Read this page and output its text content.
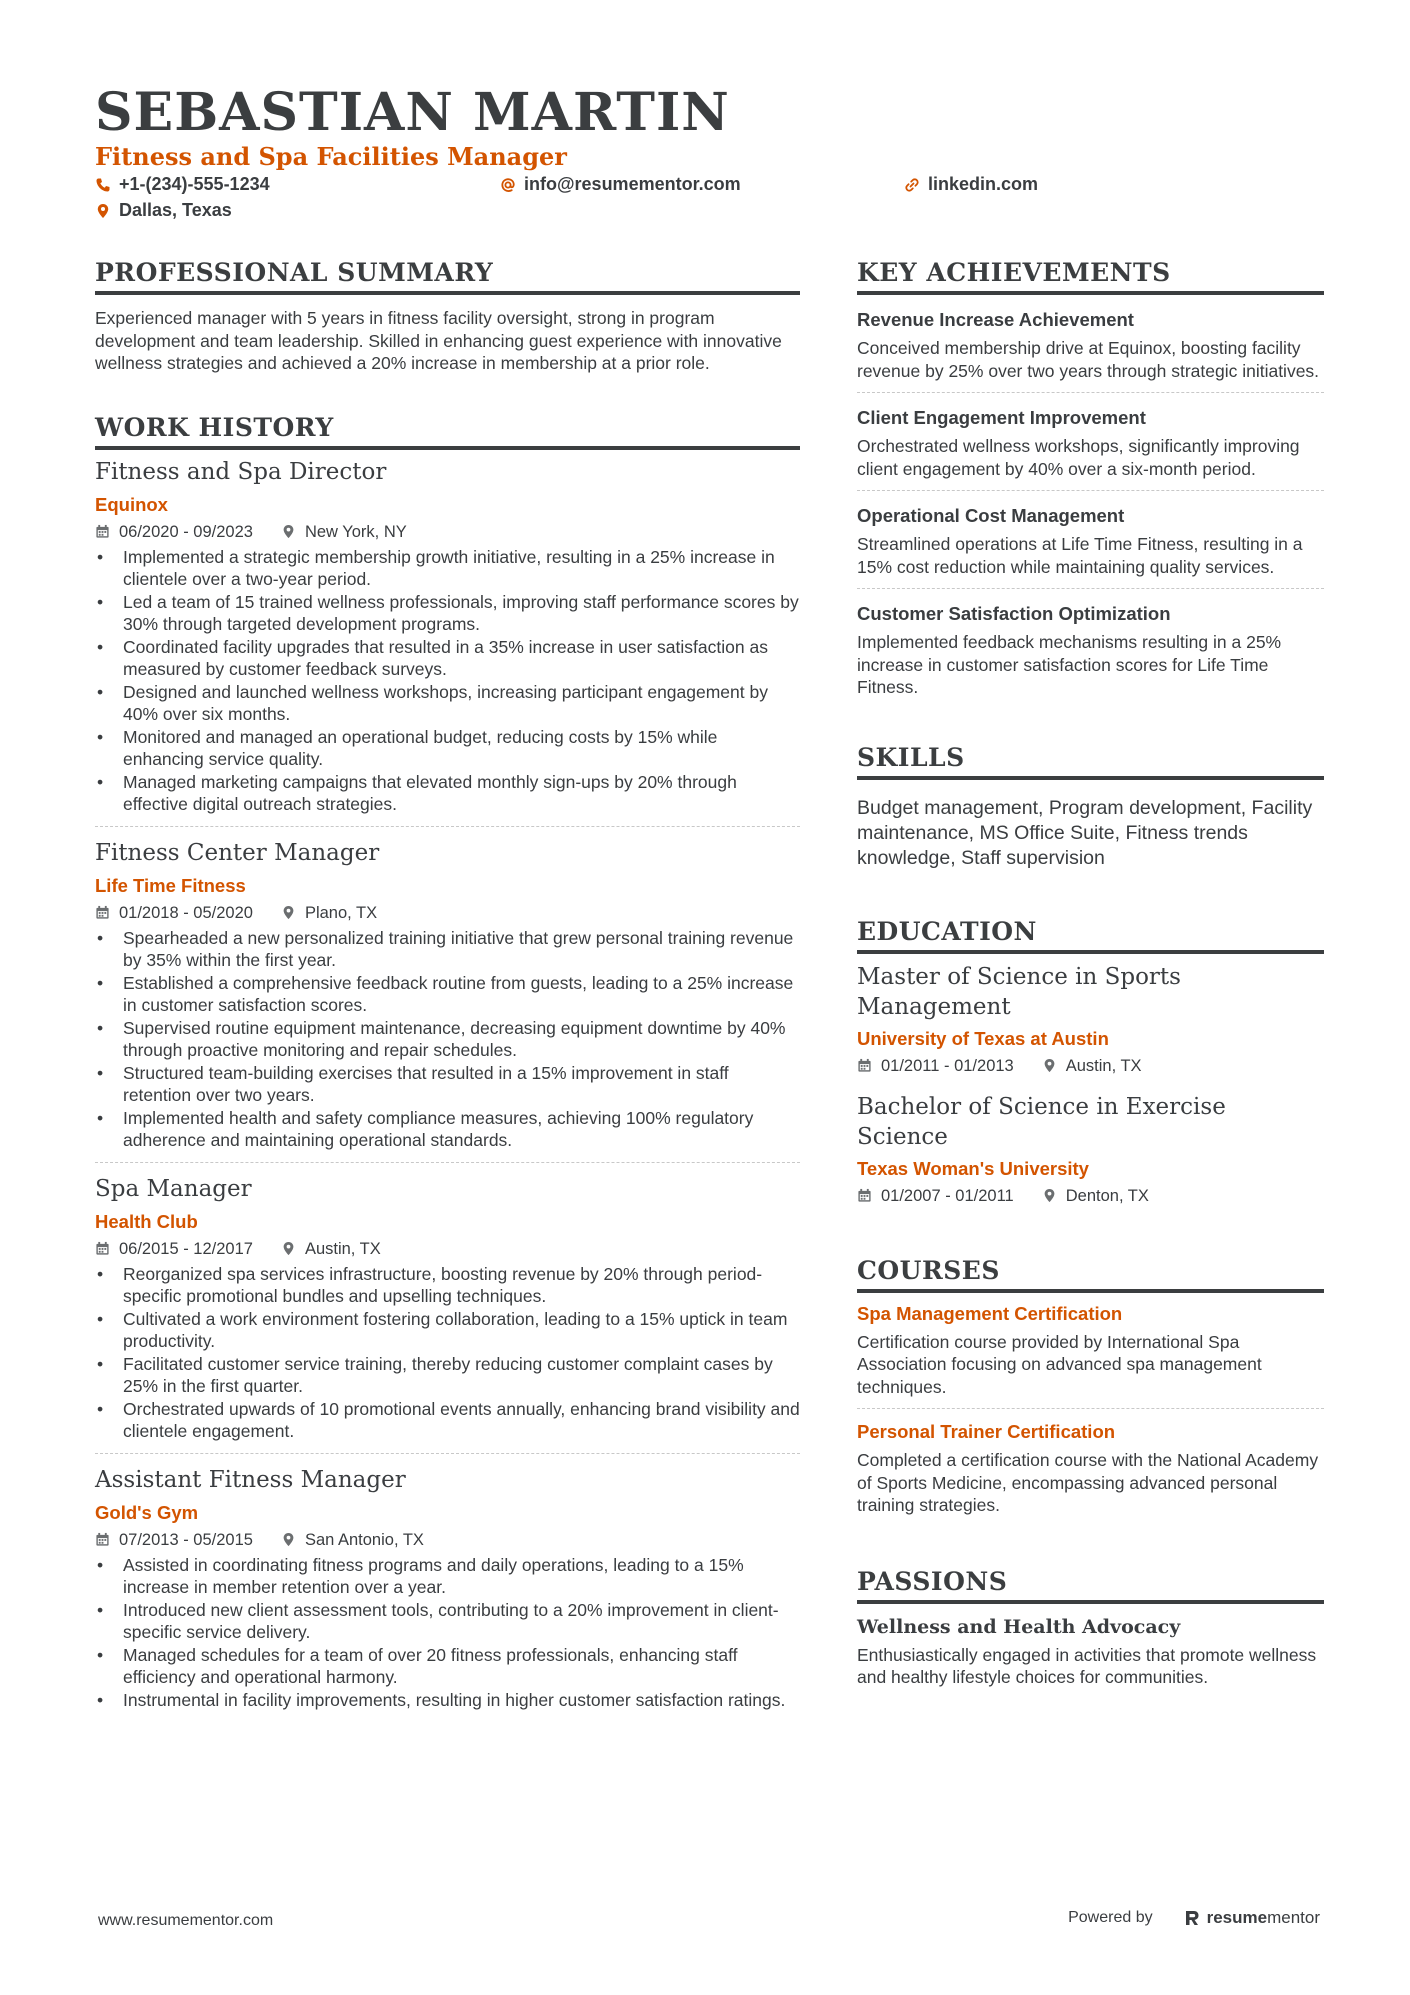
SEBASTIAN MARTIN
Fitness and Spa Facilities Manager
+1-(234)-555-1234	info@resumementor.com	linkedin.com
Dallas, Texas
PROFESSIONAL SUMMARY

Experienced manager with 5 years in fitness facility oversight, strong in program development and team leadership. Skilled in enhancing guest experience with innovative wellness strategies and achieved a 20% increase in membership at a prior role.

WORK HISTORY
Fitness and Spa Director
Equinox
06/2020 - 09/2023	New York, NY
• Implemented a strategic membership growth initiative, resulting in a 25% increase in clientele over a two-year period.
• Led a team of 15 trained wellness professionals, improving staff performance scores by 30% through targeted development programs.
• Coordinated facility upgrades that resulted in a 35% increase in user satisfaction as measured by customer feedback surveys.
• Designed and launched wellness workshops, increasing participant engagement by 40% over six months.
• Monitored and managed an operational budget, reducing costs by 15% while enhancing service quality.
• Managed marketing campaigns that elevated monthly sign-ups by 20% through effective digital outreach strategies.
Fitness Center Manager
Life Time Fitness
01/2018 - 05/2020	Plano, TX
• Spearheaded a new personalized training initiative that grew personal training revenue by 35% within the first year.
• Established a comprehensive feedback routine from guests, leading to a 25% increase in customer satisfaction scores.
• Supervised routine equipment maintenance, decreasing equipment downtime by 40% through proactive monitoring and repair schedules.
• Structured team-building exercises that resulted in a 15% improvement in staff retention over two years.
• Implemented health and safety compliance measures, achieving 100% regulatory adherence and maintaining operational standards.
Spa Manager
Health Club
06/2015 - 12/2017	Austin, TX
• Reorganized spa services infrastructure, boosting revenue by 20% through period-specific promotional bundles and upselling techniques.
• Cultivated a work environment fostering collaboration, leading to a 15% uptick in team productivity.
• Facilitated customer service training, thereby reducing customer complaint cases by 25% in the first quarter.
• Orchestrated upwards of 10 promotional events annually, enhancing brand visibility and clientele engagement.
Assistant Fitness Manager
Gold's Gym
07/2013 - 05/2015	San Antonio, TX
• Assisted in coordinating fitness programs and daily operations, leading to a 15% increase in member retention over a year.
• Introduced new client assessment tools, contributing to a 20% improvement in client-specific service delivery.
• Managed schedules for a team of over 20 fitness professionals, enhancing staff efficiency and operational harmony.
• Instrumental in facility improvements, resulting in higher customer satisfaction ratings.
KEY ACHIEVEMENTS
Revenue Increase Achievement

Conceived membership drive at Equinox, boosting facility revenue by 25% over two years through strategic initiatives.

Client Engagement Improvement

Orchestrated wellness workshops, significantly improving client engagement by 40% over a six-month period.

Operational Cost Management

Streamlined operations at Life Time Fitness, resulting in a 15% cost reduction while maintaining quality services.

Customer Satisfaction Optimization

Implemented feedback mechanisms resulting in a 25% increase in customer satisfaction scores for Life Time Fitness.

SKILLS

Budget management, Program development, Facility maintenance, MS Office Suite, Fitness trends knowledge, Staff supervision

EDUCATION
Master of Science in Sports Management
University of Texas at Austin
01/2011 - 01/2013	Austin, TX
Bachelor of Science in Exercise Science
Texas Woman's University
01/2007 - 01/2011	Denton, TX
COURSES
Spa Management Certification

Certification course provided by International Spa Association focusing on advanced spa management techniques.

Personal Trainer Certification

Completed a certification course with the National Academy of Sports Medicine, encompassing advanced personal training strategies.

PASSIONS
Wellness and Health Advocacy

Enthusiastically engaged in activities that promote wellness and healthy lifestyle choices for communities.

www.resumementor.com	Powered by	resume mentor
